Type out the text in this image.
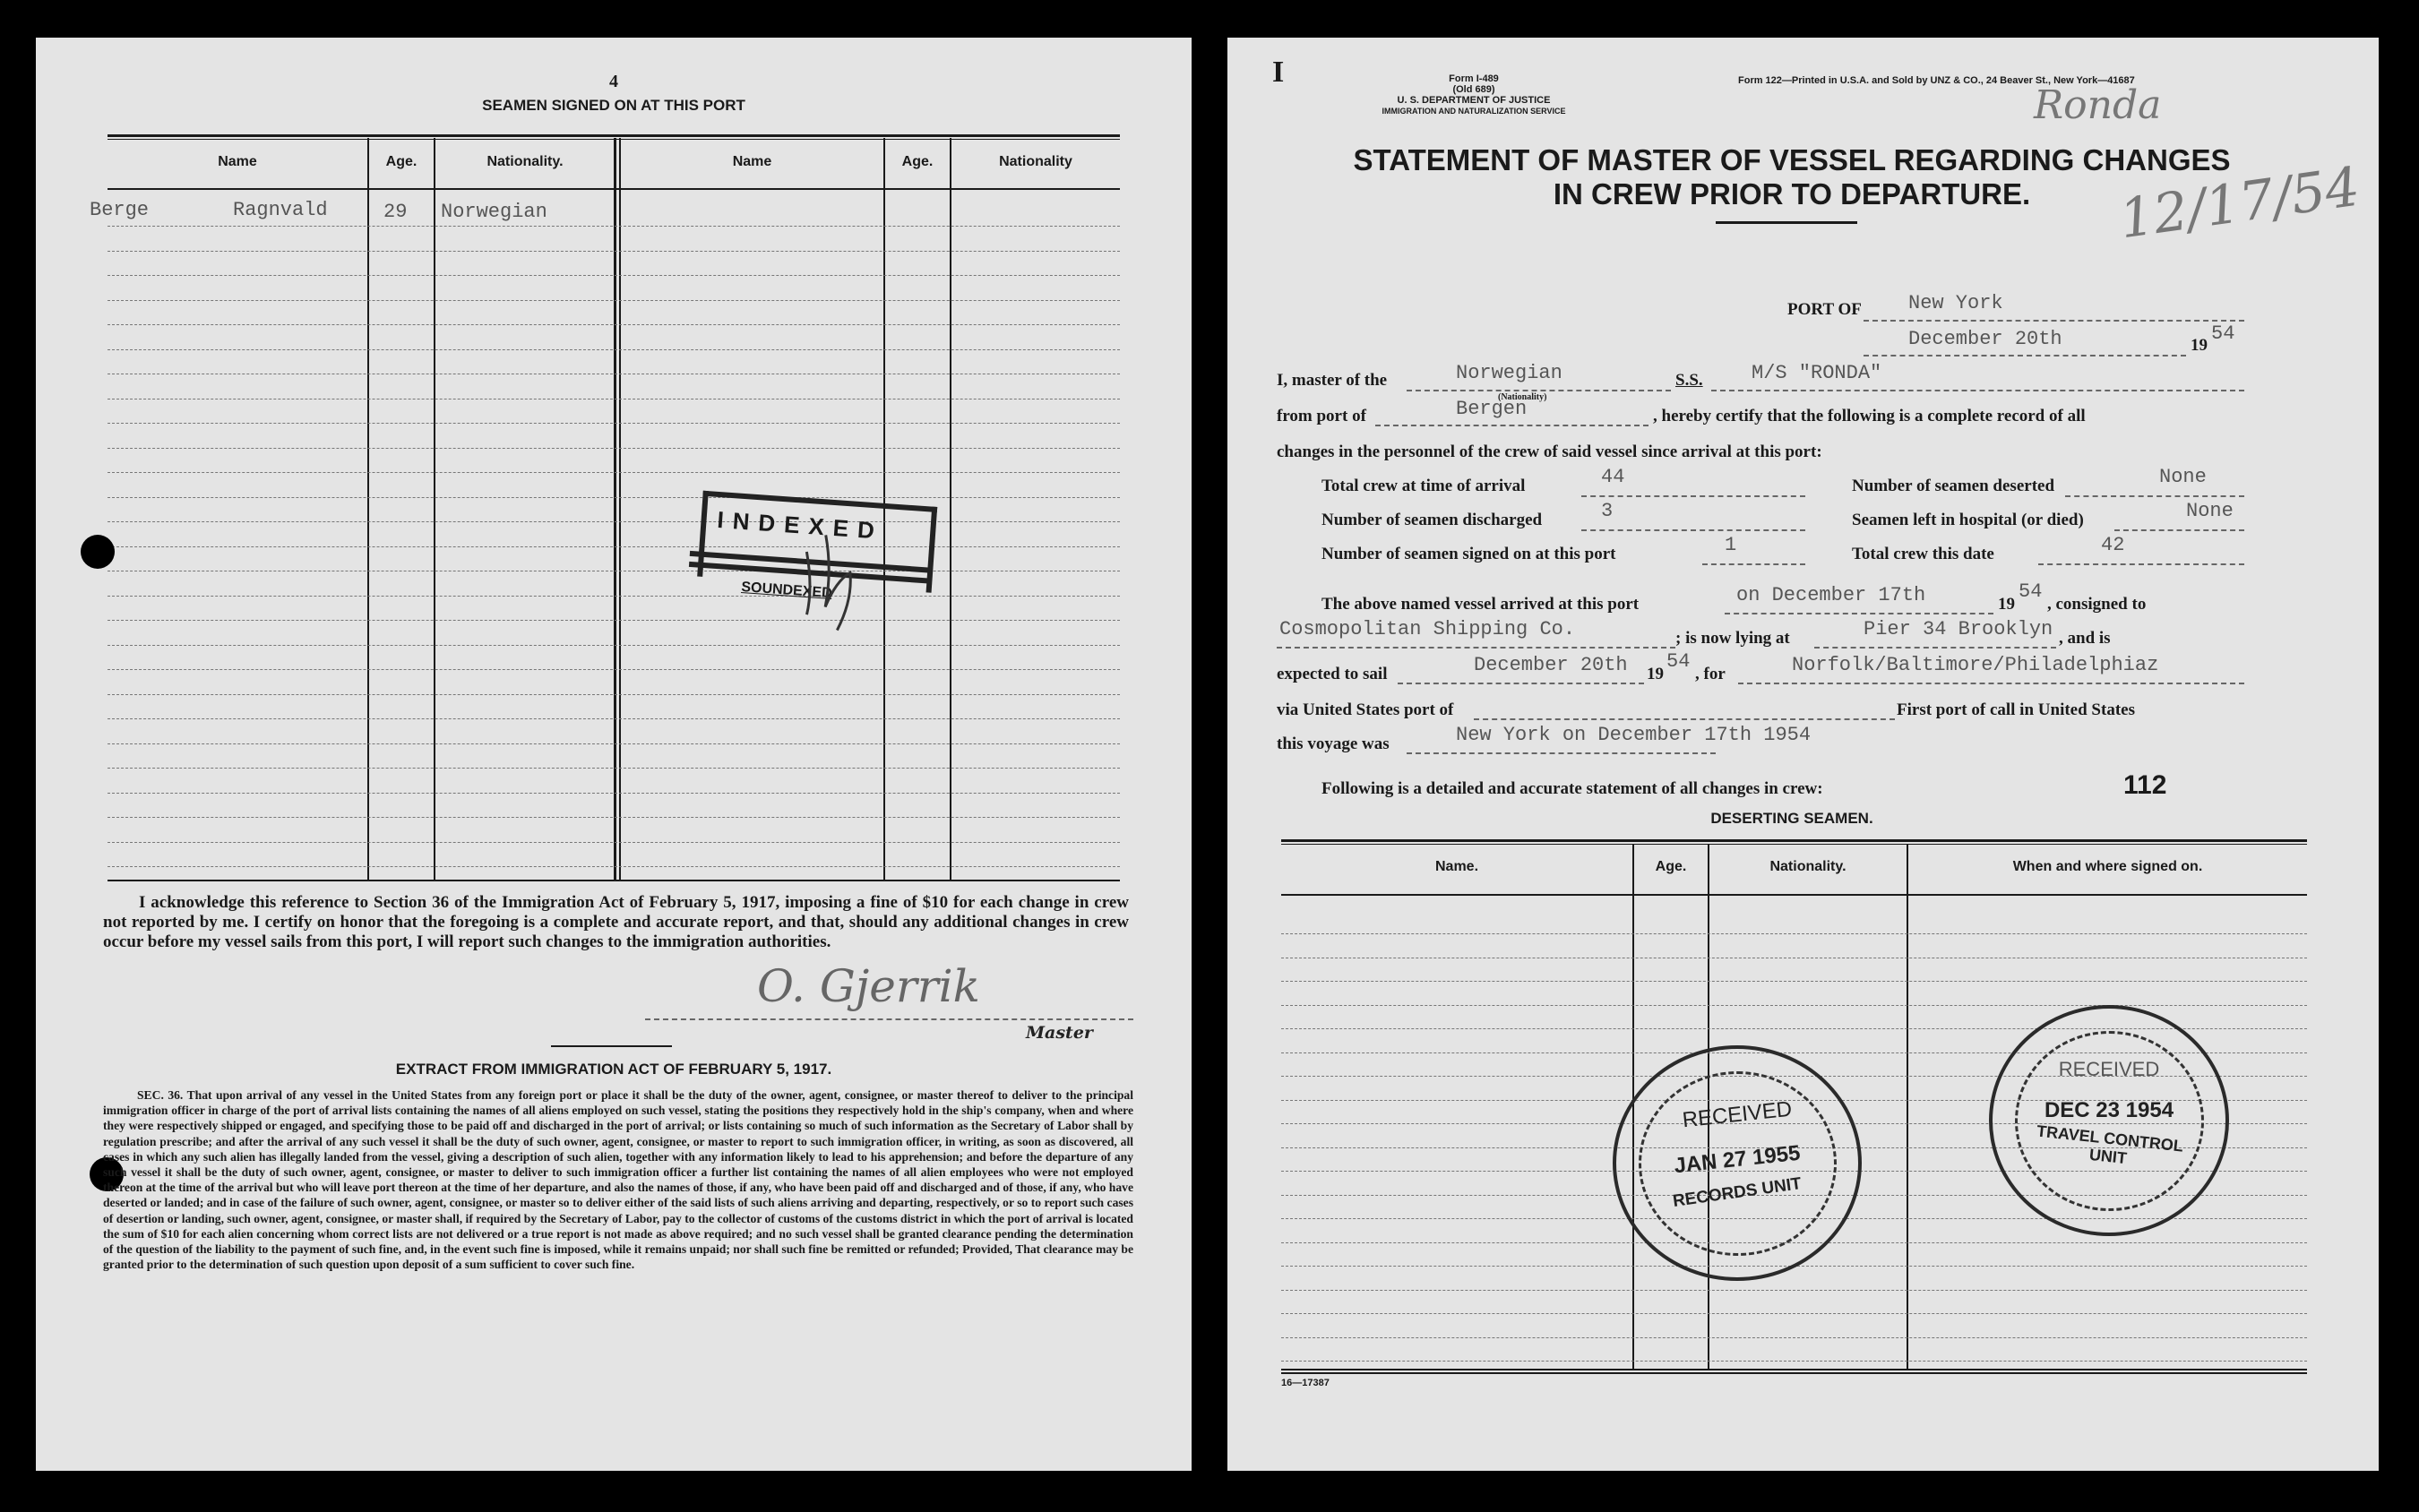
4
SEAMEN SIGNED ON AT THIS PORT
Name	Age.	Nationality.	Name	Age.	Nationality
Berge	Ragnvald	29 Norwegian
INDEXED
SOUNDEXED
I acknowledge this reference to Section 36 of the Immigration Act of February 5, 1917, imposing a fine of $10 for each change in crew not reported by me. I certify on honor that the foregoing is a complete and accurate report, and that, should any additional changes in crew occur before my vessel sails from this port, I will report such changes to the immigration authorities.
O. Gjerrik
Master
EXTRACT FROM IMMIGRATION ACT OF FEBRUARY 5, 1917.
SEC. 36. That upon arrival of any vessel in the United States from any foreign port or place it shall be the duty of the owner, agent, consignee, or master thereof to deliver to the principal immigration officer in charge of the port of arrival lists containing the names of all aliens employed on such vessel, stating the positions they respectively hold in the ship's company, when and where they were respectively shipped or engaged, and specifying those to be paid off and discharged in the port of arrival; or lists containing so much of such information as the Secretary of Labor shall by regulation prescribe; and after the arrival of any such vessel it shall be the duty of such owner, agent, consignee, or master to report to such immigration officer, in writing, as soon as discovered, all cases in which any such alien has illegally landed from the vessel, giving a description of such alien, together with any information likely to lead to his apprehension; and before the departure of any such vessel it shall be the duty of such owner, agent, consignee, or master to deliver to such immigration officer a further list containing the names of all alien employees who were not employed thereon at the time of the arrival but who will leave port thereon at the time of her departure, and also the names of those, if any, who have been paid off and discharged and of those, if any, who have deserted or landed; and in case of the failure of such owner, agent, consignee, or master so to deliver either of the said lists of such aliens arriving and departing, respectively, or so to report such cases of desertion or landing, such owner, agent, consignee, or master shall, if required by the Secretary of Labor, pay to the collector of customs of the customs district in which the port of arrival is located the sum of $10 for each alien concerning whom correct lists are not delivered or a true report is not made as above required; and no such vessel shall be granted clearance pending the determination of the question of the liability to the payment of such fine, and, in the event such fine is imposed, while it remains unpaid; nor shall such fine be remitted or refunded; Provided, That clearance may be granted prior to the determination of such question upon deposit of a sum sufficient to cover such fine.
I	Form I-489
(Old 689)
U. S. DEPARTMENT OF JUSTICE
IMMIGRATION AND NATURALIZATION SERVICE
Form 122—Printed in U.S.A. and Sold by UNZ & CO., 24 Beaver St., New York—41687
Ronda
12/17/54
STATEMENT OF MASTER OF VESSEL REGARDING CHANGES
IN CREW PRIOR TO DEPARTURE.
PORT OF New York
December 20th	19
54
I, master of the	Norwegian
(Nationality)
S.S. M/S "RONDA"
from port of	Bergen	, hereby certify that the following is a complete record of all
changes in the personnel of the crew of said vessel since arrival at this port:
Total crew at time of arrival	44	Number of seamen deserted	None
Number of seamen discharged	3	Seamen left in hospital (or died)	None
Number of seamen signed on at this port	1	Total crew this date	42
The above named vessel arrived at this port	on December 17th	19
54
, consigned to
Cosmopolitan Shipping Co.	; is now lying at	Pier 34 Brooklyn , and is
expected to sail	December 20th 19
54
, for	Norfolk/Baltimore/Philadelphiaz
via United States port of	First port of call in United States
this voyage was	New York on December 17th 1954
Following is a detailed and accurate statement of all changes in crew:	112
DESERTING SEAMEN.
Name.	Age.	Nationality.	When and where signed on.
RECEIVED
JAN 27 1955
RECORDS UNIT
RECEIVED
DEC 23 1954
TRAVEL CONTROL UNIT
16—17387
